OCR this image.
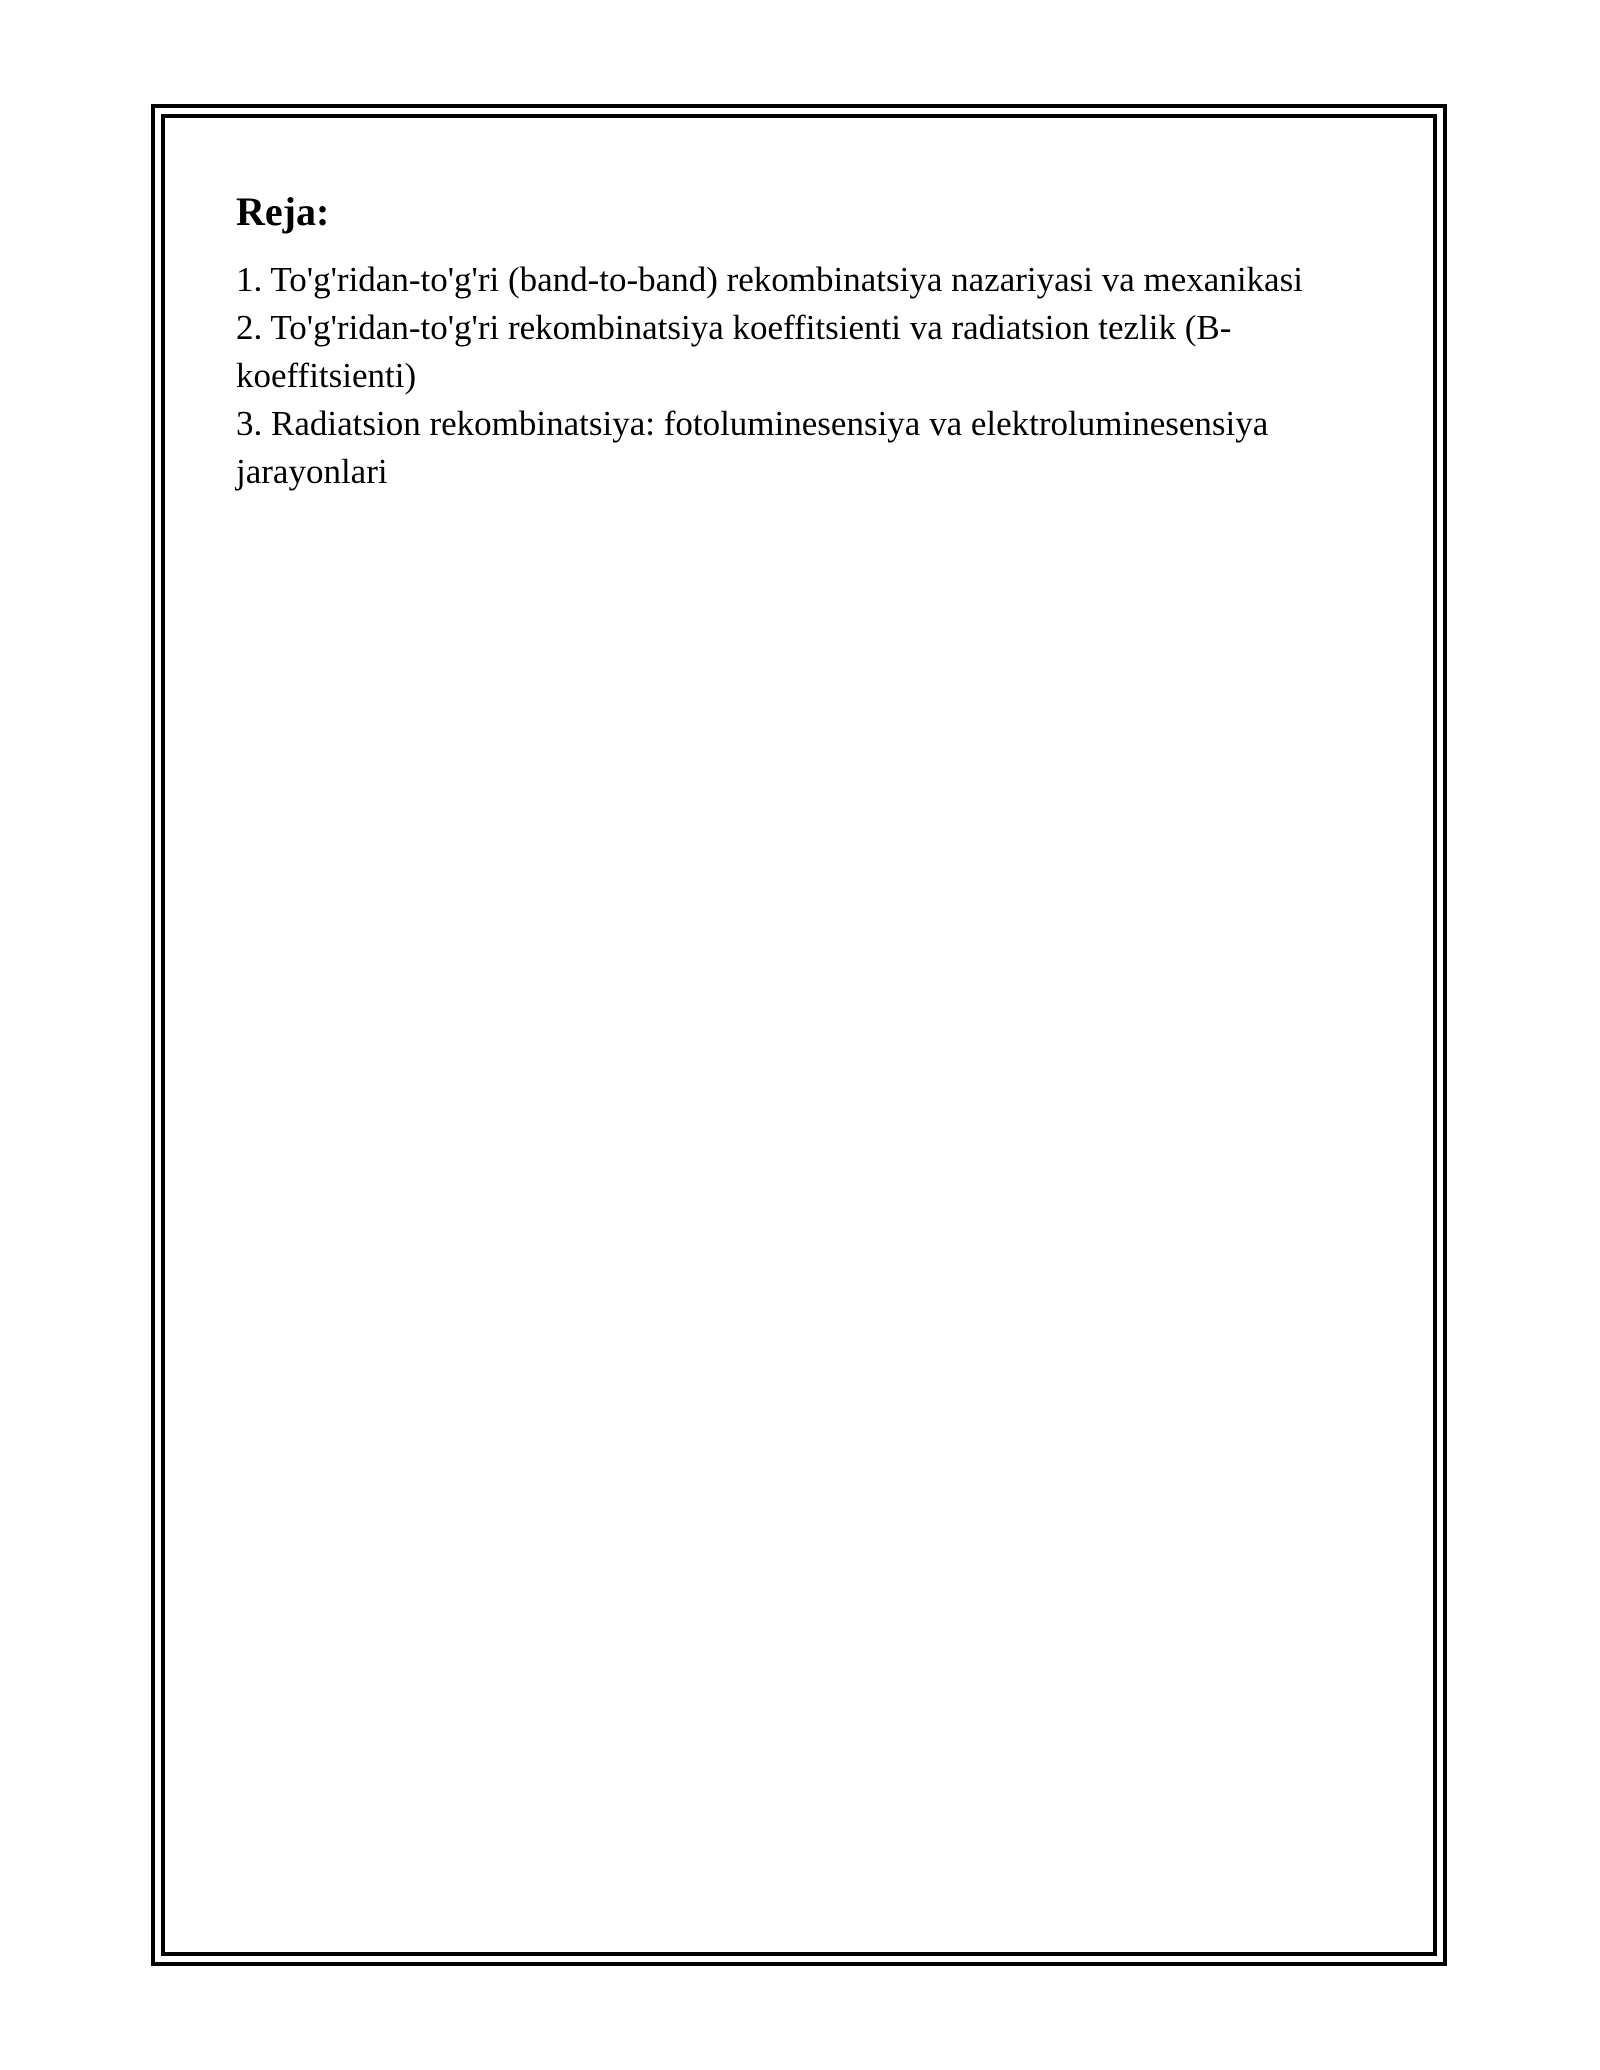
Reja:
1. To'g'ridan-to'g'ri (band-to-band) rekombinatsiya nazariyasi va mexanikasi
2. To'g'ridan-to'g'ri rekombinatsiya koeffitsienti va radiatsion tezlik (B-koeffitsienti)
3. Radiatsion rekombinatsiya: fotoluminesensiya va elektroluminesensiya jarayonlari
